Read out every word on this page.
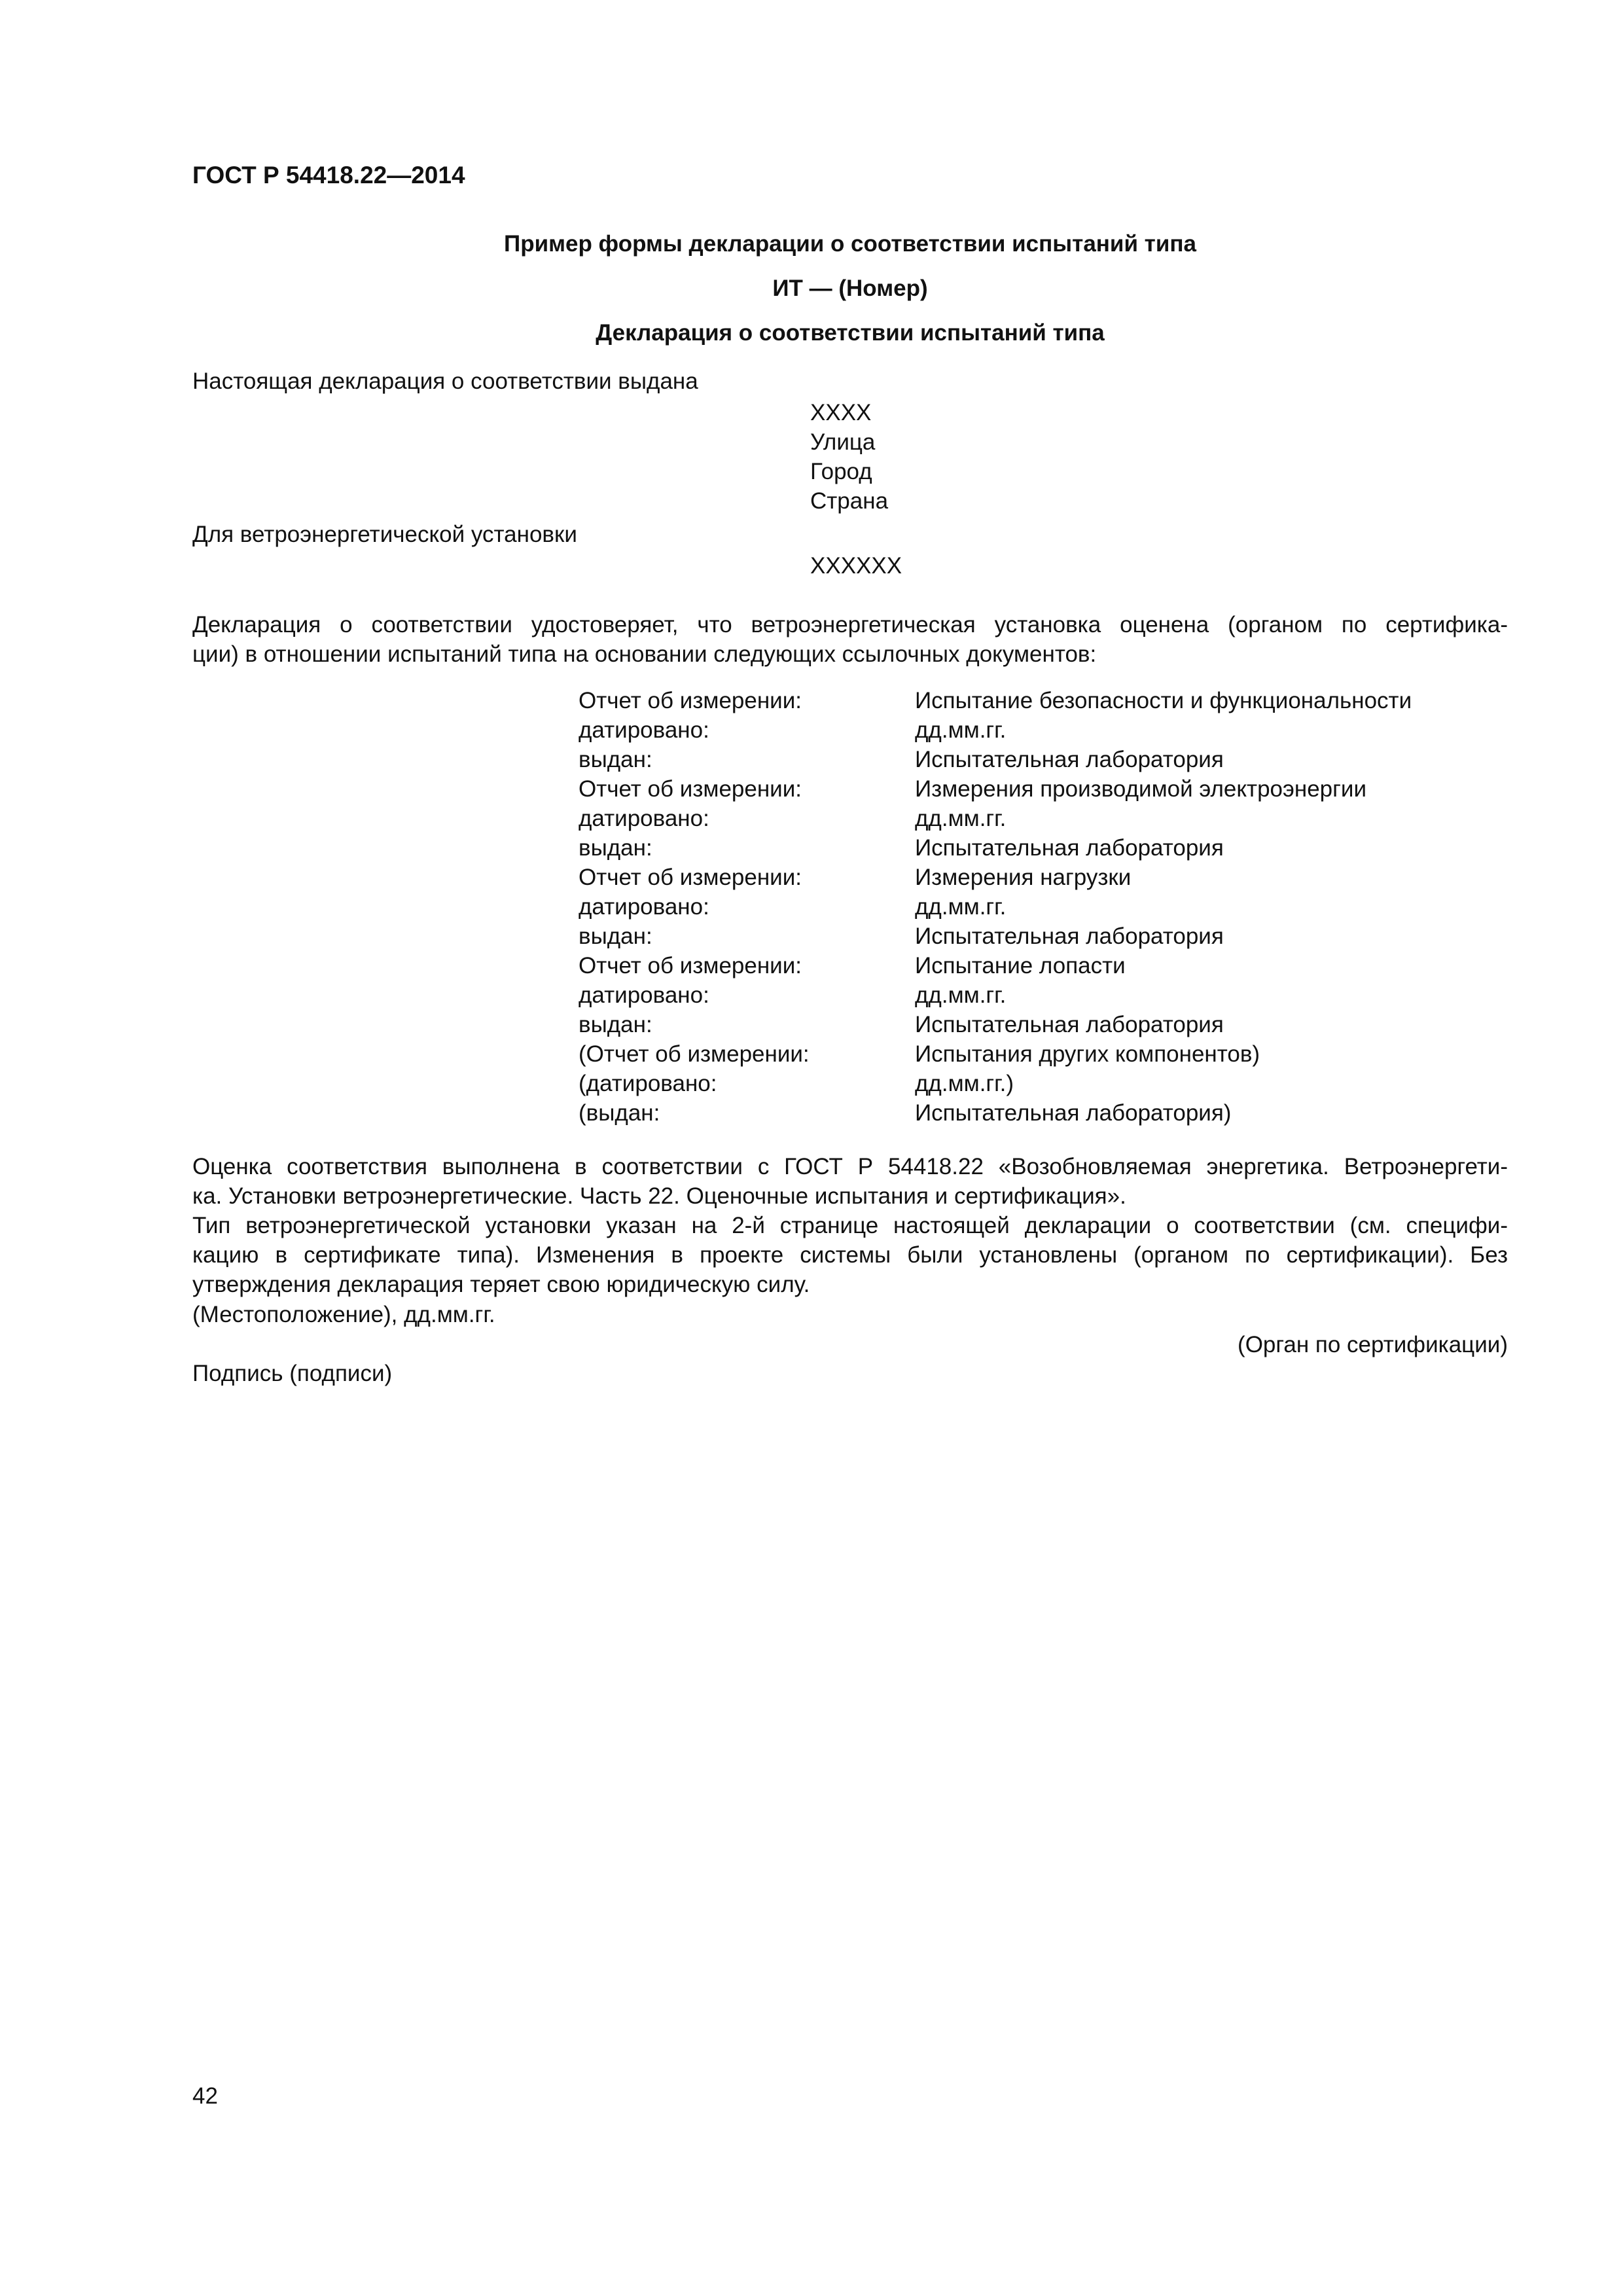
ГОСТ Р 54418.22—2014
Пример формы декларации о соответствии испытаний типа
ИТ — (Номер)
Декларация о соответствии испытаний типа
Настоящая декларация о соответствии выдана
XXXX
Улица
Город
Страна
Для ветроэнергетической установки
XXXXXX
Декларация о соответствии удостоверяет, что ветроэнергетическая установка оценена (органом по сертифика-
ции) в отношении испытаний типа на основании следующих ссылочных документов:
Отчет об измерении:	Испытание безопасности и функциональности
датировано:	дд.мм.гг.
выдан:	Испытательная лаборатория
Отчет об измерении:	Измерения производимой электроэнергии
датировано:	дд.мм.гг.
выдан:	Испытательная лаборатория
Отчет об измерении:	Измерения нагрузки
датировано:	дд.мм.гг.
выдан:	Испытательная лаборатория
Отчет об измерении:	Испытание лопасти
датировано:	дд.мм.гг.
выдан:	Испытательная лаборатория
(Отчет об измерении:	Испытания других компонентов)
(датировано:	дд.мм.гг.)
(выдан:	Испытательная лаборатория)
Оценка соответствия выполнена в соответствии с ГОСТ Р 54418.22 «Возобновляемая энергетика. Ветроэнергети-
ка. Установки ветроэнергетические. Часть 22. Оценочные испытания и сертификация».
Тип ветроэнергетической установки указан на 2-й странице настоящей декларации о соответствии (см. специфи-
кацию в сертификате типа). Изменения в проекте системы были установлены (органом по сертификации). Без
утверждения декларация теряет свою юридическую силу.
(Местоположение), дд.мм.гг.
(Орган по сертификации)
Подпись (подписи)
42
